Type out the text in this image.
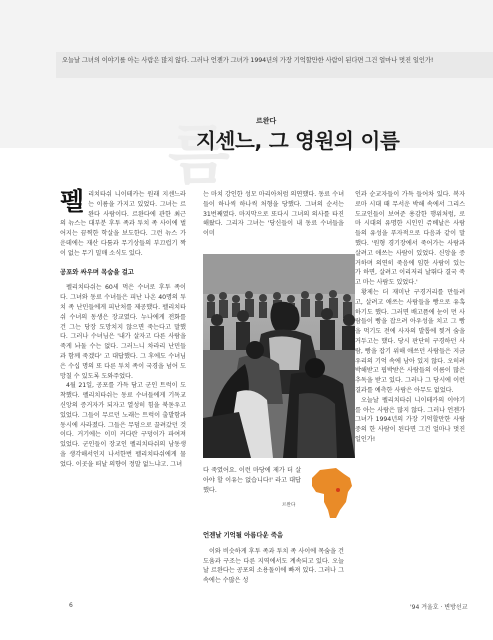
오늘날 그녀의 이야기를 아는 사람은 많지 않다. 그러나 언젠가 그녀가 1994년의 가장 기억할만한 사람이 된다면 그건 얼마나 멋진 일인가!
름	르완다
지센느, 그 영원의 이름

펠리치타쉬 니이테카는 원래 지센느라는 이름을 가지고 있었다. 그녀는 르완다 사람이다. 르완다에 관한 최근의 뉴스는 대부분 후투 족과 투치 족 사이에 벌어지는 끔찍한 학살을 보도한다. 그런 뉴스 가운데에는 재산 다툼과 무기상들의 부끄럽기 짝이 없는 무기 밀매 소식도 있다.

공포와 싸우며 목숨을 걸고

펠리치타쉬는 60세 먹은 수녀로 후투 족이다. 그녀와 동료 수녀들은 피난 나온 40명의 투치 족 난민들에게 피난처를 제공했다. 펠리치타쉬 수녀의 동생은 장교였다. 누나에게 전화를 건 그는 당장 도망치지 않으면 죽는다고 말했다. 그러나 수녀님은 '내가 살자고 다른 사람을 죽게 놔둘 수는 없다. 그러느니 차라리 난민들과 함께 죽겠다' 고 대답했다. 그 후에도 수녀님은 수십 명의 또 다른 투치 족이 국경을 넘어 도망칠 수 있도록 도와주었다.

4월 21일, 공포를 가득 담고 군인 트럭이 도착했다. 펠리치타쉬는 동료 수녀들에게 기독교 신앙의 증거자가 되자고 열성히 힘을 북돋우고 있었다. 그들이 무르던 노래는 트럭이 출발함과 동시에 사라졌다. 그들은 무덤으로 끌려갔던 것이다. 거기에는 이미 커다란 구덩이가 파여져 있었다. 군인들이 장교인 펠리치타쉬의 남동생을 생각해서인지 나서한번 펠리치타쉬에게 물었다. 이곳을 떠날 의향이 정말 없느냐고. 그녀

는 마치 강인한 성모 마리아처럼 의연했다. 동료 수녀들이 하나씩 하나씩 처형을 당했다. 그녀의 순서는 31번째였다. 마지막으로 또다시 그녀의 의사를 타진해왔다. 그리자 그녀는 '당신들이 내 동료 수녀들을 이미

다 죽였어요. 이런 마당에 제가 더 살아야 할 이유는 없습니다!' 라고 대답했다.

르완다
언젠날 기억될 아름다운 죽음

이와 비슷하게 후투 족과 투치 족 사이에 목숨을 건 도움과 구조는 다른 지역에서도 계속되고 있다. 오늘날 르완다는 공포의 소용돌이에 빠져 있다. 그러나 그 속에는 수많은 성

인과 순교자들이 가득 들어차 있다. 복자 로마 시대 때 무서운 박해 속에서 그리스도교인들이 보여준 용감한 행위처럼, 로마 시대의 유명한 시인인 쥬베날은 사람들의 유성을 푸자적으로 다음과 같이 말했다. '원형 경기장에서 죽어가는 사람과 살려고 애쓰는 사람이 있었다. 신앙을 증거하며 의연히 죽음에 임한 사람이 있는가 하면, 살려고 이리저리 날뛰다 결국 죽고 마는 사람도 있었다.'

황제는 더 재미난 구경거리를 만들려고, 살려고 애쓰는 사람들을 빵으로 유혹하기도 했다. 그러면 배고픔에 눈이 먼 사람들이 빵을 잡으려 아우성을 치고 그 빵을 먹기도 전에 사자의 발톱에 찢겨 숨을 거두고는 했다. 당시 판단히 구경하던 사람, 빵을 잡기 위해 애쓰던 사람들은 지금 우리의 기억 속에 남아 있지 않다. 오히려 박해받고 핍박받은 사람들의 이름이 많은 추독을 받고 있다. 그러나 그 당시에 이런 결과를 예측한 사람은 아무도 없었다.

오늘날 펠리치타쉬 니이테카의 이야기를 아는 사람은 많지 않다. 그러나 언젠가 그녀가 1994년의 가장 기억할만한 사람 중의 한 사람이 된다면 그건 얼마나 멋진 일인가!

6	'94 겨울호 · 변방선교
